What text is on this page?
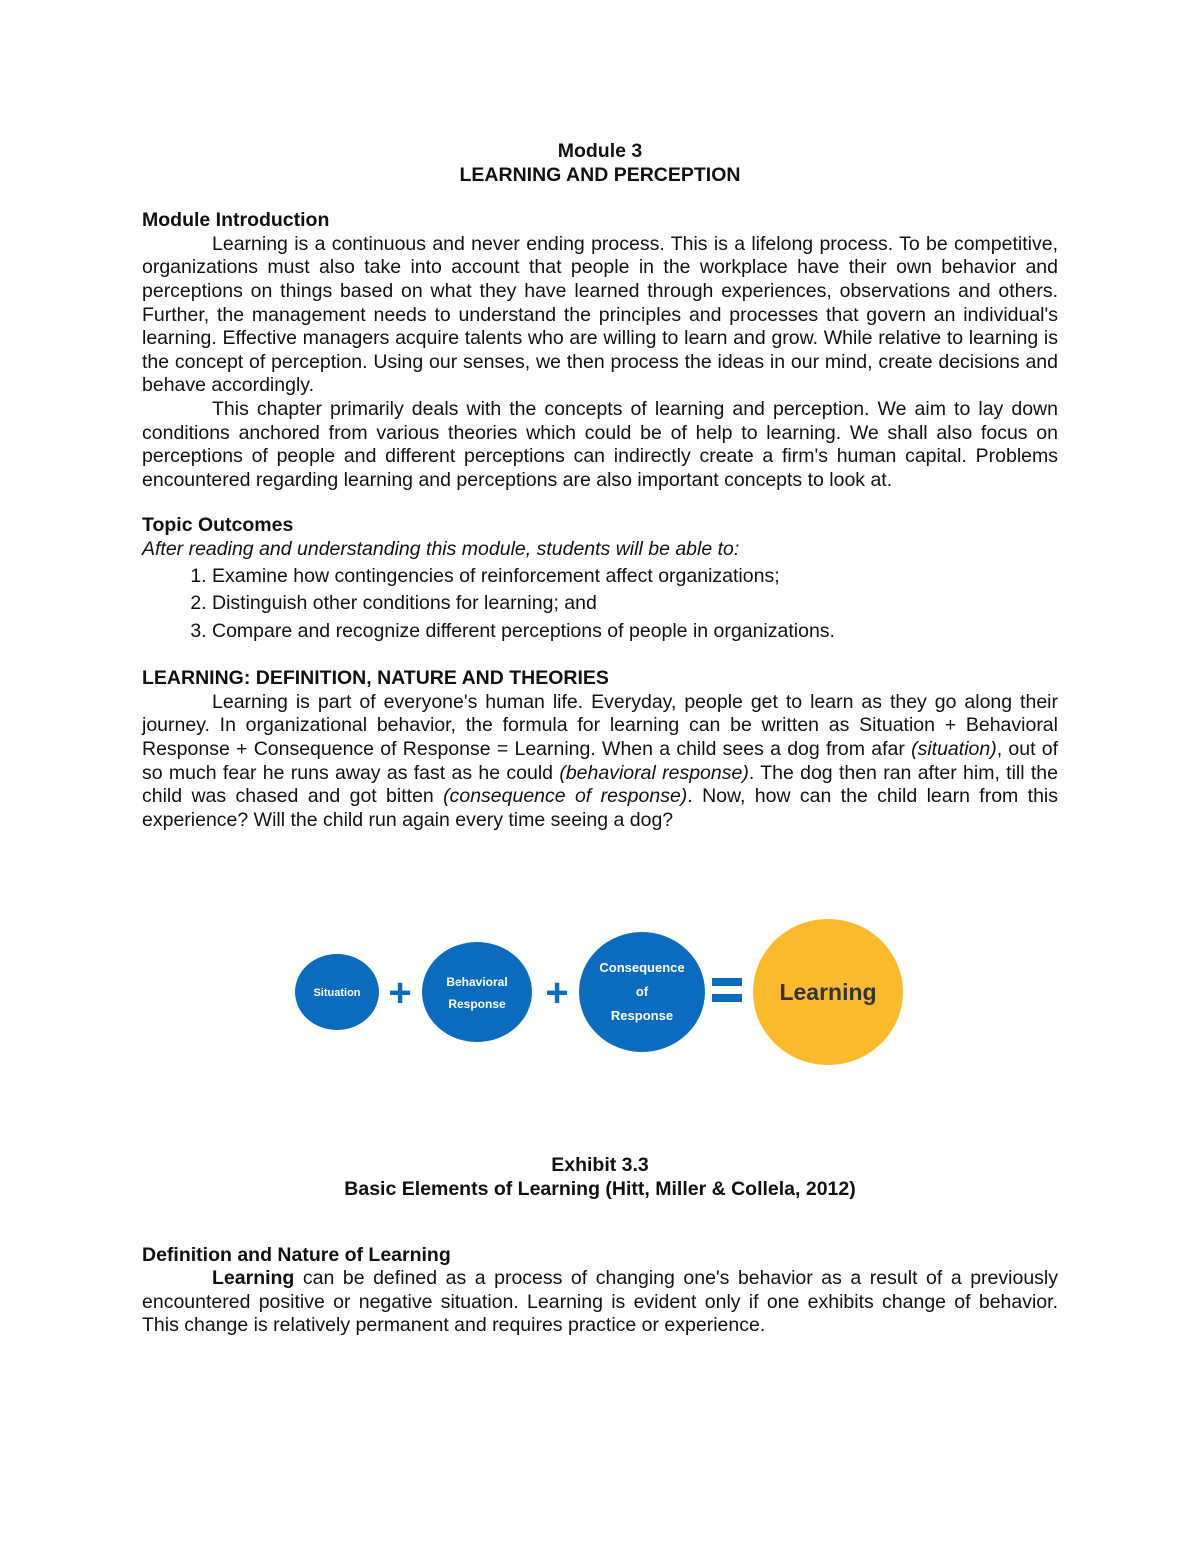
Module 3
LEARNING AND PERCEPTION

Module Introduction

Learning is a continuous and never ending process. This is a lifelong process. To be competitive, organizations must also take into account that people in the workplace have their own behavior and perceptions on things based on what they have learned through experiences, observations and others. Further, the management needs to understand the principles and processes that govern an individual's learning. Effective managers acquire talents who are willing to learn and grow. While relative to learning is the concept of perception. Using our senses, we then process the ideas in our mind, create decisions and behave accordingly.

This chapter primarily deals with the concepts of learning and perception. We aim to lay down conditions anchored from various theories which could be of help to learning. We shall also focus on perceptions of people and different perceptions can indirectly create a firm's human capital. Problems encountered regarding learning and perceptions are also important concepts to look at.

Topic Outcomes

After reading and understanding this module, students will be able to:

1. Examine how contingencies of reinforcement affect organizations;
2. Distinguish other conditions for learning; and
3. Compare and recognize different perceptions of people in organizations.

LEARNING: DEFINITION, NATURE AND THEORIES

Learning is part of everyone's human life. Everyday, people get to learn as they go along their journey. In organizational behavior, the formula for learning can be written as Situation + Behavioral Response + Consequence of Response = Learning. When a child sees a dog from afar (situation), out of so much fear he runs away as fast as he could (behavioral response). The dog then ran after him, till the child was chased and got bitten (consequence of response). Now, how can the child learn from this experience? Will the child run again every time seeing a dog?

Situation +	Behavioral
Response +
Consequence
of
Response
Learning
Exhibit 3.3
Basic Elements of Learning (Hitt, Miller & Collela, 2012)

Definition and Nature of Learning

Learning can be defined as a process of changing one's behavior as a result of a previously encountered positive or negative situation. Learning is evident only if one exhibits change of behavior. This change is relatively permanent and requires practice or experience.
